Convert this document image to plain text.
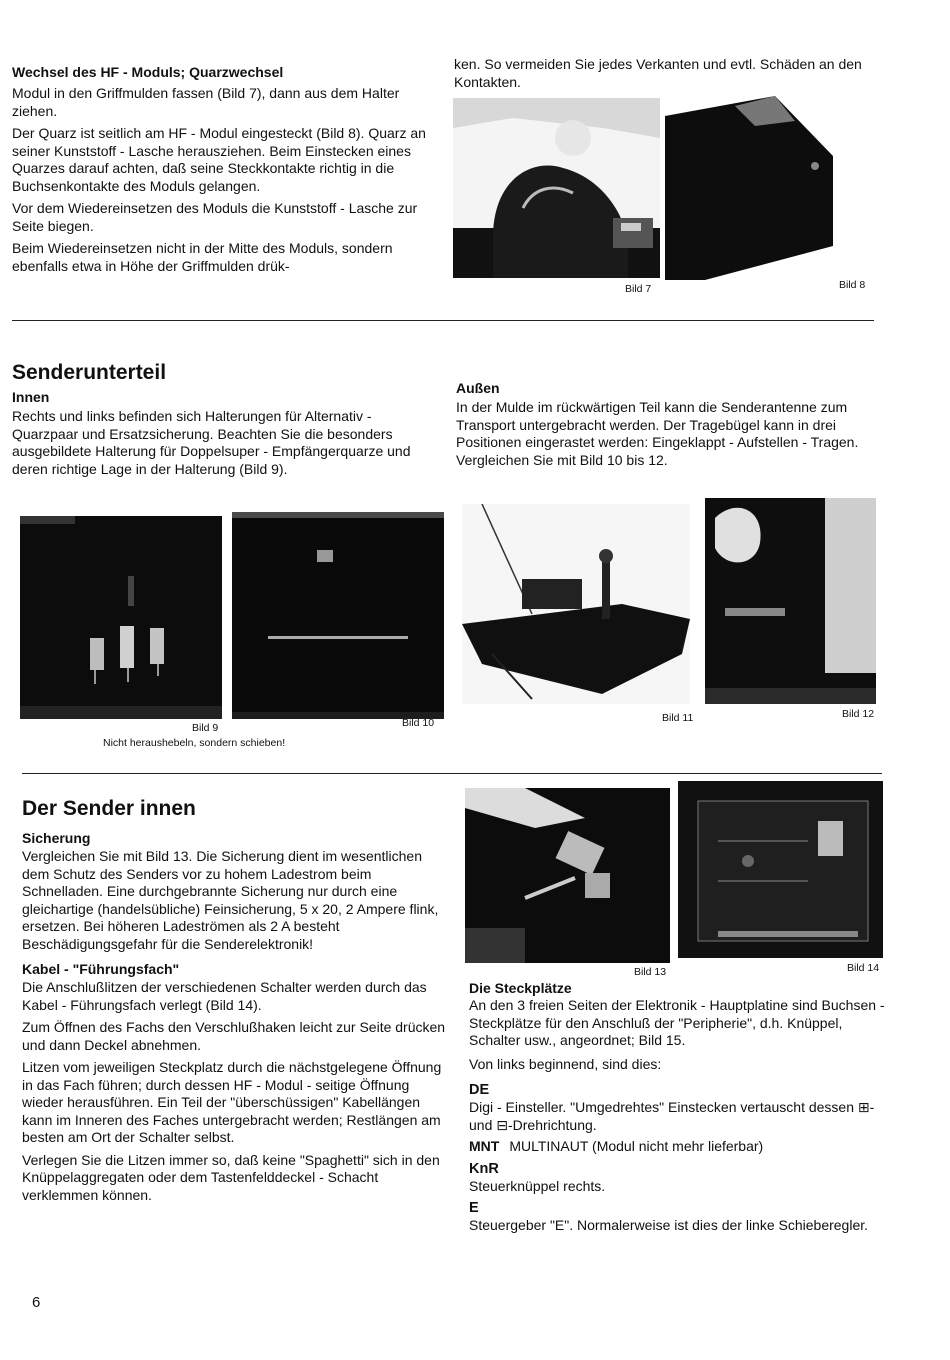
Wechsel des HF - Moduls; Quarzwechsel

Modul in den Griffmulden fassen (Bild 7), dann aus dem Halter ziehen.

Der Quarz ist seitlich am HF - Modul eingesteckt (Bild 8). Quarz an seiner Kunststoff - Lasche herausziehen. Beim Einstecken eines Quarzes darauf achten, daß seine Steckkontakte richtig in die Buchsenkontakte des Moduls gelangen.

Vor dem Wiedereinsetzen des Moduls die Kunststoff - Lasche zur Seite biegen.

Beim Wiedereinsetzen nicht in der Mitte des Moduls, sondern ebenfalls etwa in Höhe der Griffmulden drük-

ken. So vermeiden Sie jedes Verkanten und evtl. Schäden an den Kontakten.
Bild 7	Bild 8
Senderunterteil
Innen
Rechts und links befinden sich Halterungen für Alternativ - Quarzpaar und Ersatzsicherung. Beachten Sie die besonders ausgebildete Halterung für Doppelsuper - Empfängerquarze und deren richtige Lage in der Halterung (Bild 9).
Außen
In der Mulde im rückwärtigen Teil kann die Senderantenne zum Transport untergebracht werden. Der Tragebügel kann in drei Positionen eingerastet werden: Eingeklappt - Aufstellen - Tragen. Vergleichen Sie mit Bild 10 bis 12.
Bild 9
Nicht heraushebeln, sondern schieben!
Bild 10	Bild 11	Bild 12
Der Sender innen
Sicherung
Vergleichen Sie mit Bild 13. Die Sicherung dient im wesentlichen dem Schutz des Senders vor zu hohem Ladestrom beim Schnelladen. Eine durchgebrannte Sicherung nur durch eine gleichartige (handelsübliche) Feinsicherung, 5 x 20, 2 Ampere flink, ersetzen. Bei höheren Ladeströmen als 2 A besteht Beschädigungsgefahr für die Senderelektronik!
Kabel - "Führungsfach"

Die Anschlußlitzen der verschiedenen Schalter werden durch das Kabel - Führungsfach verlegt (Bild 14).

Zum Öffnen des Fachs den Verschlußhaken leicht zur Seite drücken und dann Deckel abnehmen.

Litzen vom jeweiligen Steckplatz durch die nächstgelegene Öffnung in das Fach führen; durch dessen HF - Modul - seitige Öffnung wieder herausführen. Ein Teil der "überschüssigen" Kabellängen kann im Inneren des Faches untergebracht werden; Restlängen am besten am Ort der Schalter selbst.

Verlegen Sie die Litzen immer so, daß keine "Spaghetti" sich in den Knüppelaggregaten oder dem Tastenfelddeckel - Schacht verklemmen können.

Bild 13	Bild 14
Die Steckplätze
An den 3 freien Seiten der Elektronik - Hauptplatine sind Buchsen - Steckplätze für den Anschluß der "Peripherie", d.h. Knüppel, Schalter usw., angeordnet; Bild 15.
Von links beginnend, sind dies:
DE
Digi - Einsteller. "Umgedrehtes" Einstecken vertauscht dessen ⊞- und ⊟-Drehrichtung.
MNT MULTINAUT (Modul nicht mehr lieferbar)
KnR
Steuerknüppel rechts.
E
Steuergeber "E". Normalerweise ist dies der linke Schieberegler.
6
